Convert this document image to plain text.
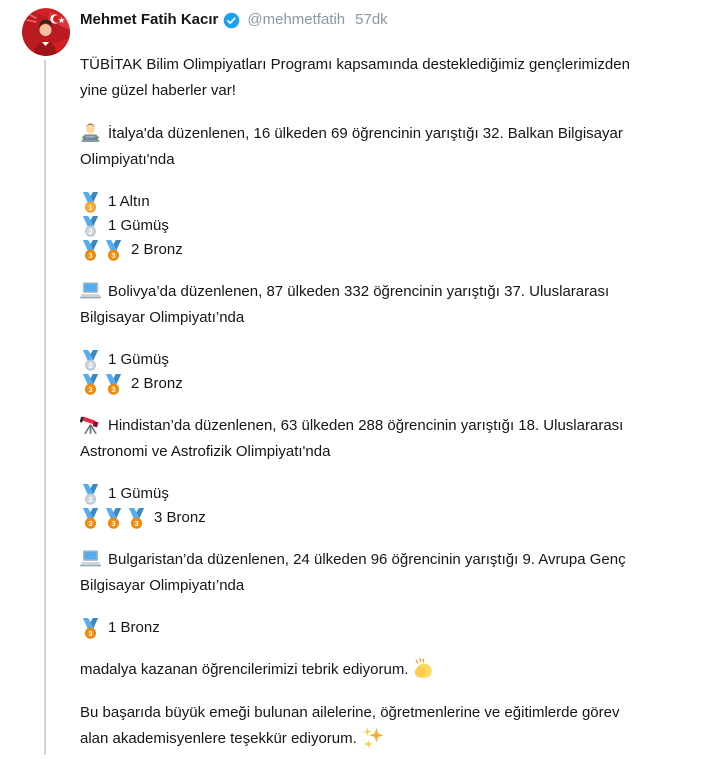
Mehmet Fatih Kacır @mehmetfatih 57dk

TÜBİTAK Bilim Olimpiyatları Programı kapsamında desteklediğimiz gençlerimizden yine güzel haberler var!

İtalya'da düzenlenen, 16 ülkeden 69 öğrencinin yarıştığı 32. Balkan Bilgisayar Olimpiyatı'nda

1 1 Altın
2 1 Gümüş
3 3 2 Bronz

Bolivya’da düzenlenen, 87 ülkeden 332 öğrencinin yarıştığı 37. Uluslararası Bilgisayar Olimpiyatı’nda

2 1 Gümüş
3 3 2 Bronz

Hindistan’da düzenlenen, 63 ülkeden 288 öğrencinin yarıştığı 18. Uluslararası Astronomi ve Astrofizik Olimpiyatı'nda

2 1 Gümüş
3 3 3 3 Bronz

Bulgaristan’da düzenlenen, 24 ülkeden 96 öğrencinin yarıştığı 9. Avrupa Genç Bilgisayar Olimpiyatı’nda

3 1 Bronz

madalya kazanan öğrencilerimizi tebrik ediyorum.

Bu başarıda büyük emeği bulunan ailelerine, öğretmenlerine ve eğitimlerde görev alan akademisyenlere teşekkür ediyorum.
